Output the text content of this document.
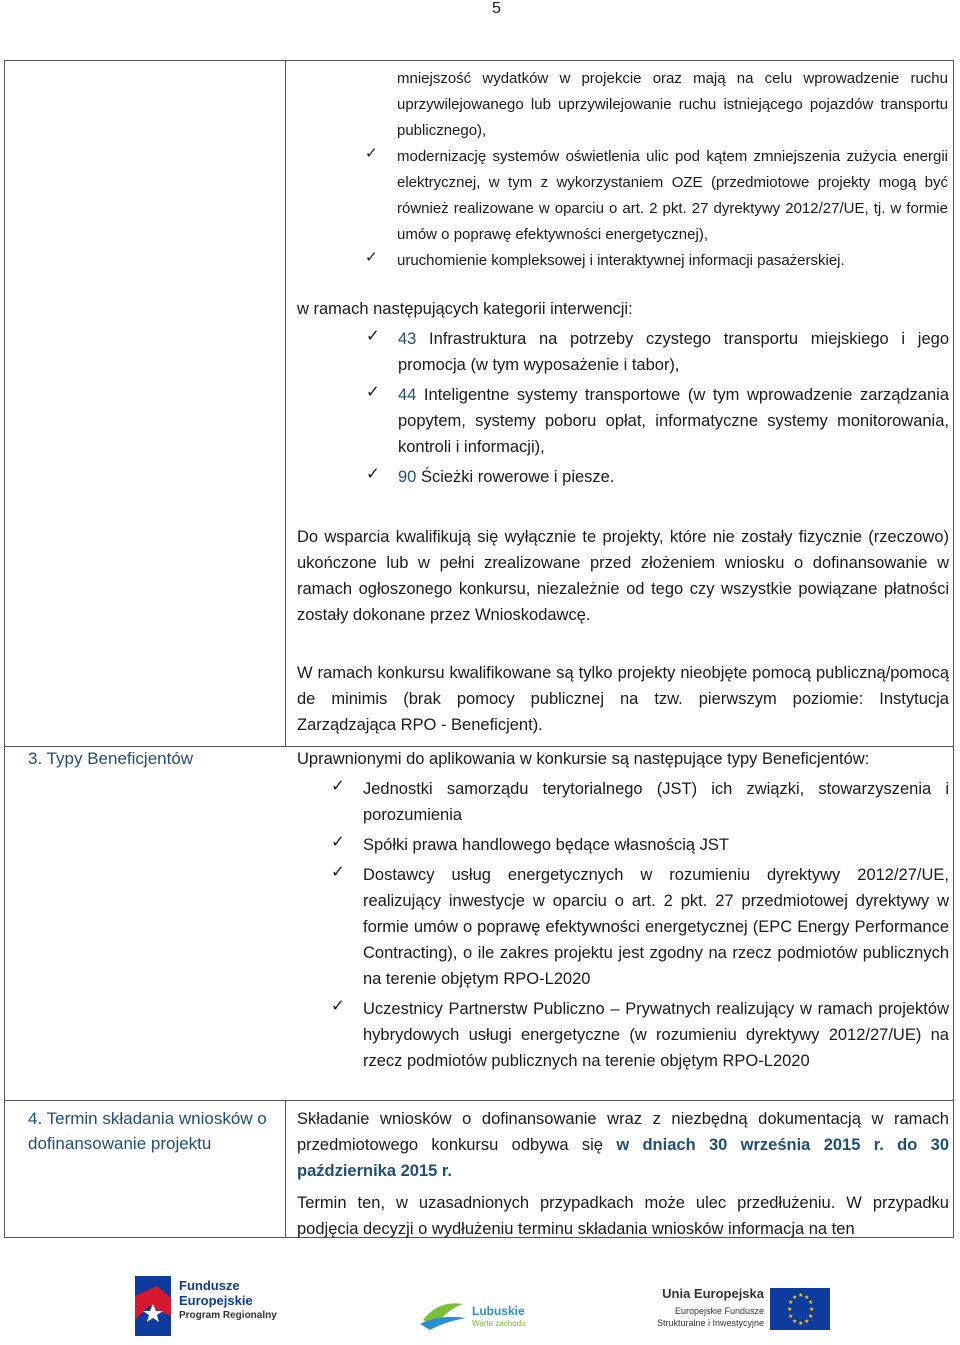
5
mniejszość wydatków w projekcie oraz mają na celu wprowadzenie ruchu uprzywilejowanego lub uprzywilejowanie ruchu istniejącego pojazdów transportu publicznego),
✓ modernizację systemów oświetlenia ulic pod kątem zmniejszenia zużycia energii elektrycznej, w tym z wykorzystaniem OZE (przedmiotowe projekty mogą być również realizowane w oparciu o art. 2 pkt. 27 dyrektywy 2012/27/UE, tj. w formie umów o poprawę efektywności energetycznej),
✓ uruchomienie kompleksowej i interaktywnej informacji pasażerskiej.
w ramach następujących kategorii interwencji:
✓ 43 Infrastruktura na potrzeby czystego transportu miejskiego i jego promocja (w tym wyposażenie i tabor),
✓ 44 Inteligentne systemy transportowe (w tym wprowadzenie zarządzania popytem, systemy poboru opłat, informatyczne systemy monitorowania, kontroli i informacji),
✓ 90 Ścieżki rowerowe i piesze.
Do wsparcia kwalifikują się wyłącznie te projekty, które nie zostały fizycznie (rzeczowo) ukończone lub w pełni zrealizowane przed złożeniem wniosku o dofinansowanie w ramach ogłoszonego konkursu, niezależnie od tego czy wszystkie powiązane płatności zostały dokonane przez Wnioskodawcę.
W ramach konkursu kwalifikowane są tylko projekty nieobjęte pomocą publiczną/pomocą de minimis (brak pomocy publicznej na tzw. pierwszym poziomie: Instytucja Zarządzająca RPO - Beneficjent).
3. Typy Beneficjentów	Uprawnionymi do aplikowania w konkursie są następujące typy Beneficjentów:
✓ Jednostki samorządu terytorialnego (JST) ich związki, stowarzyszenia i porozumienia
✓ Spółki prawa handlowego będące własnością JST
✓ Dostawcy usług energetycznych w rozumieniu dyrektywy 2012/27/UE, realizujący inwestycje w oparciu o art. 2 pkt. 27 przedmiotowej dyrektywy w formie umów o poprawę efektywności energetycznej (EPC Energy Performance Contracting), o ile zakres projektu jest zgodny na rzecz podmiotów publicznych na terenie objętym RPO-L2020
✓ Uczestnicy Partnerstw Publiczno – Prywatnych realizujący w ramach projektów hybrydowych usługi energetyczne (w rozumieniu dyrektywy 2012/27/UE) na rzecz podmiotów publicznych na terenie objętym RPO-L2020
4. Termin składania wniosków o dofinansowanie projektu
Składanie wniosków o dofinansowanie wraz z niezbędną dokumentacją w ramach przedmiotowego konkursu odbywa się w dniach 30 września 2015 r. do 30 października 2015 r.
Termin ten, w uzasadnionych przypadkach może ulec przedłużeniu. W przypadku podjęcia decyzji o wydłużeniu terminu składania wniosków informacja na ten
Fundusze
Europejskie
Program Regionalny	Lubuskie
Warte zachodu
Unia Europejska
Europejskie Fundusze
Strukturalne i Inwestycyjne
★ ★
★
★
★
★
★
★
★
★
★
★
